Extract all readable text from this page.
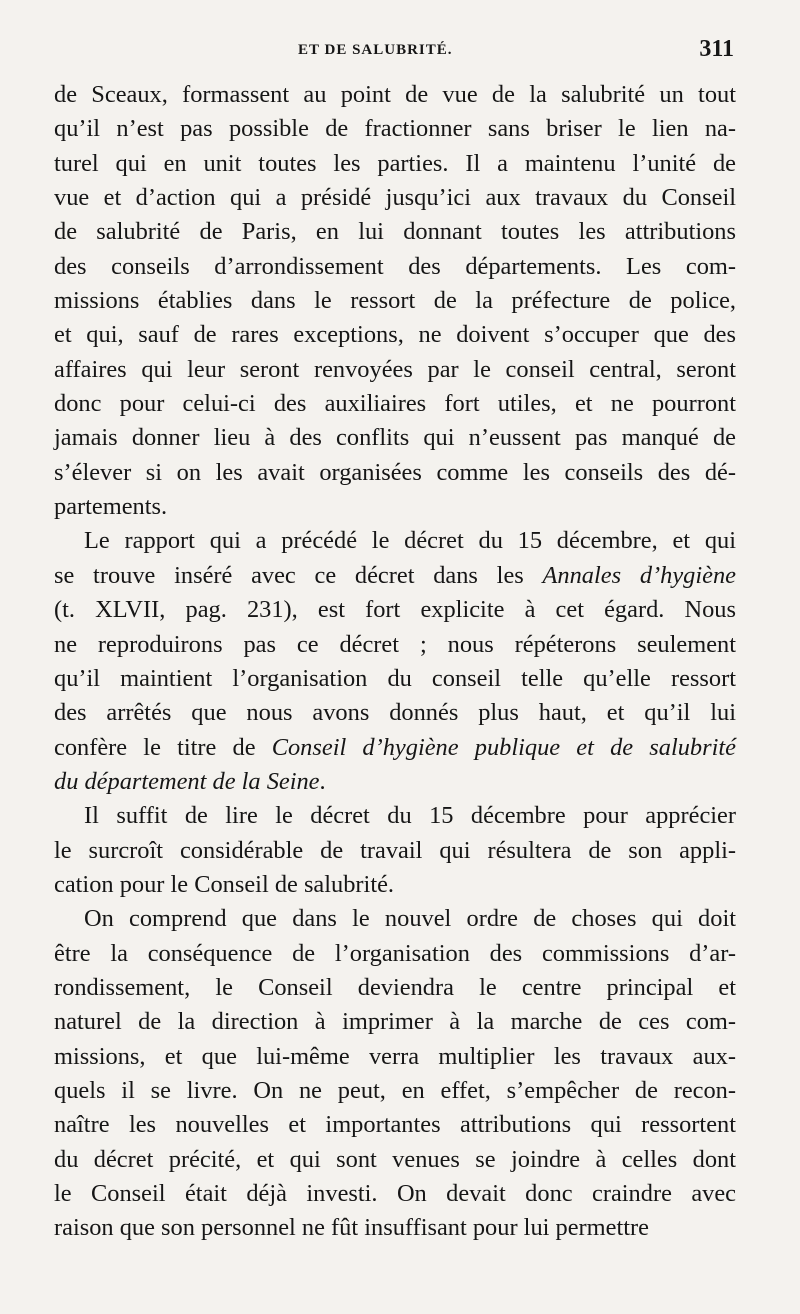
ET DE SALUBRITÉ.	311

de Sceaux, formassent au point de vue de la salubrité un tout
qu’il n’est pas possible de fractionner sans briser le lien na-
turel qui en unit toutes les parties. Il a maintenu l’unité de
vue et d’action qui a présidé jusqu’ici aux travaux du Conseil
de salubrité de Paris, en lui donnant toutes les attributions
des conseils d’arrondissement des départements. Les com-
missions établies dans le ressort de la préfecture de police,
et qui, sauf de rares exceptions, ne doivent s’occuper que des
affaires qui leur seront renvoyées par le conseil central, seront
donc pour celui-ci des auxiliaires fort utiles, et ne pourront
jamais donner lieu à des conflits qui n’eussent pas manqué de
s’élever si on les avait organisées comme les conseils des dé-
partements.

Le rapport qui a précédé le décret du 15 décembre, et qui
se trouve inséré avec ce décret dans les Annales d’hygiène
(t. XLVII, pag. 231), est fort explicite à cet égard. Nous
ne reproduirons pas ce décret ; nous répéterons seulement
qu’il maintient l’organisation du conseil telle qu’elle ressort
des arrêtés que nous avons donnés plus haut, et qu’il lui
confère le titre de Conseil d’hygiène publique et de salubrité
du département de la Seine.

Il suffit de lire le décret du 15 décembre pour apprécier
le surcroît considérable de travail qui résultera de son appli-
cation pour le Conseil de salubrité.

On comprend que dans le nouvel ordre de choses qui doit
être la conséquence de l’organisation des commissions d’ar-
rondissement, le Conseil deviendra le centre principal et
naturel de la direction à imprimer à la marche de ces com-
missions, et que lui-même verra multiplier les travaux aux-
quels il se livre. On ne peut, en effet, s’empêcher de recon-
naître les nouvelles et importantes attributions qui ressortent
du décret précité, et qui sont venues se joindre à celles dont
le Conseil était déjà investi. On devait donc craindre avec
raison que son personnel ne fût insuffisant pour lui permettre
